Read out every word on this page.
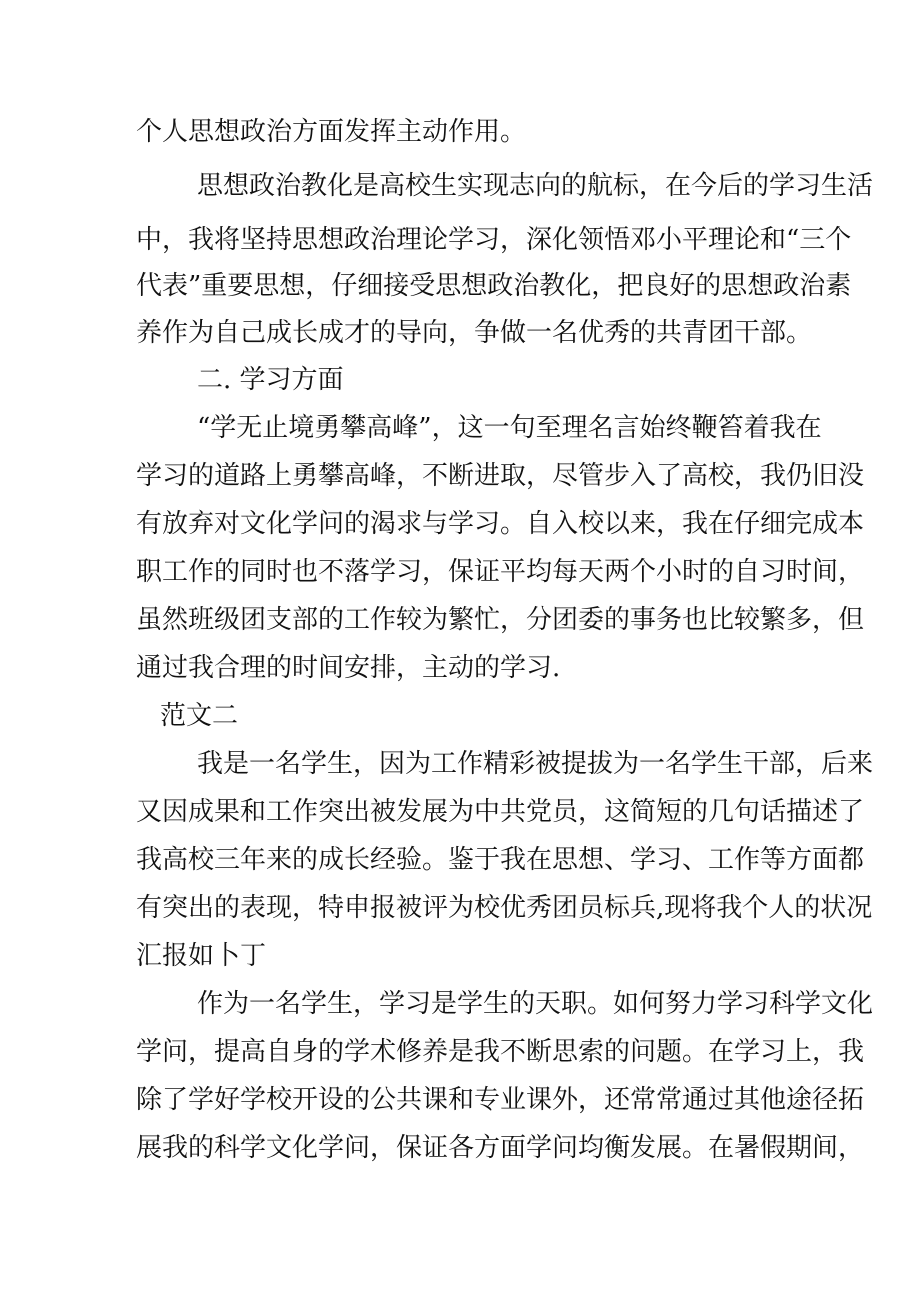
个人思想政治方面发挥主动作用。
思想政治教化是高校生实现志向的航标，在今后的学习生活
中，我将坚持思想政治理论学习，深化领悟邓小平理论和“三个
代表”重要思想，仔细接受思想政治教化，把良好的思想政治素
养作为自己成长成才的导向，争做一名优秀的共青团干部。
二. 学习方面
“学无止境勇攀高峰”，这一句至理名言始终鞭笞着我在
学习的道路上勇攀高峰，不断进取，尽管步入了高校，我仍旧没
有放弃对文化学问的渴求与学习。自入校以来，我在仔细完成本
职工作的同时也不落学习，保证平均每天两个小时的自习时间，
虽然班级团支部的工作较为繁忙，分团委的事务也比较繁多，但
通过我合理的时间安排，主动的学习.
范文二
我是一名学生，因为工作精彩被提拔为一名学生干部，后来
又因成果和工作突出被发展为中共党员，这简短的几句话描述了
我高校三年来的成长经验。鉴于我在思想、学习、工作等方面都
有突出的表现，特申报被评为校优秀团员标兵,现将我个人的状况
汇报如卜丁
作为一名学生，学习是学生的天职。如何努力学习科学文化
学问，提高自身的学术修养是我不断思索的问题。在学习上，我
除了学好学校开设的公共课和专业课外，还常常通过其他途径拓
展我的科学文化学问，保证各方面学问均衡发展。在暑假期间，
